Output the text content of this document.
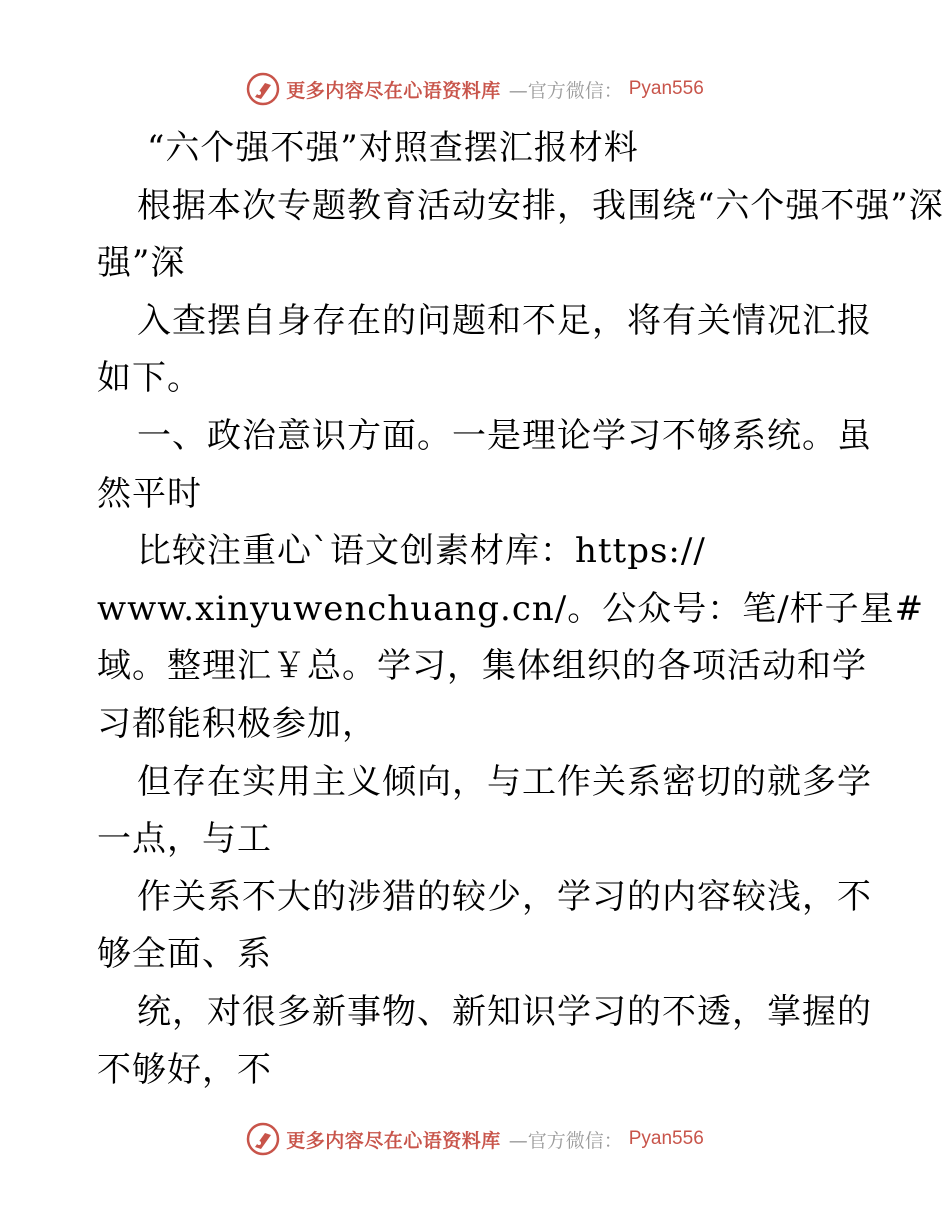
更多内容尽在心语资料库 —官方微信： Pyan556
“六个强不强”对照查摆汇报材料
根据本次专题教育活动安排，我围绕“六个强不强”深
强”深
入查摆自身存在的问题和不足，将有关情况汇报
如下。
一、政治意识方面。一是理论学习不够系统。虽
然平时
比较注重心`语文创素材库：https://
www.xinyuwenchuang.cn/。公众号：笔/杆子星#
域。整理汇￥总。学习，集体组织的各项活动和学
习都能积极参加，
但存在实用主义倾向，与工作关系密切的就多学
一点，与工
作关系不大的涉猎的较少，学习的内容较浅，不
够全面、系
统，对很多新事物、新知识学习的不透，掌握的
不够好，不
更多内容尽在心语资料库 —官方微信： Pyan556
